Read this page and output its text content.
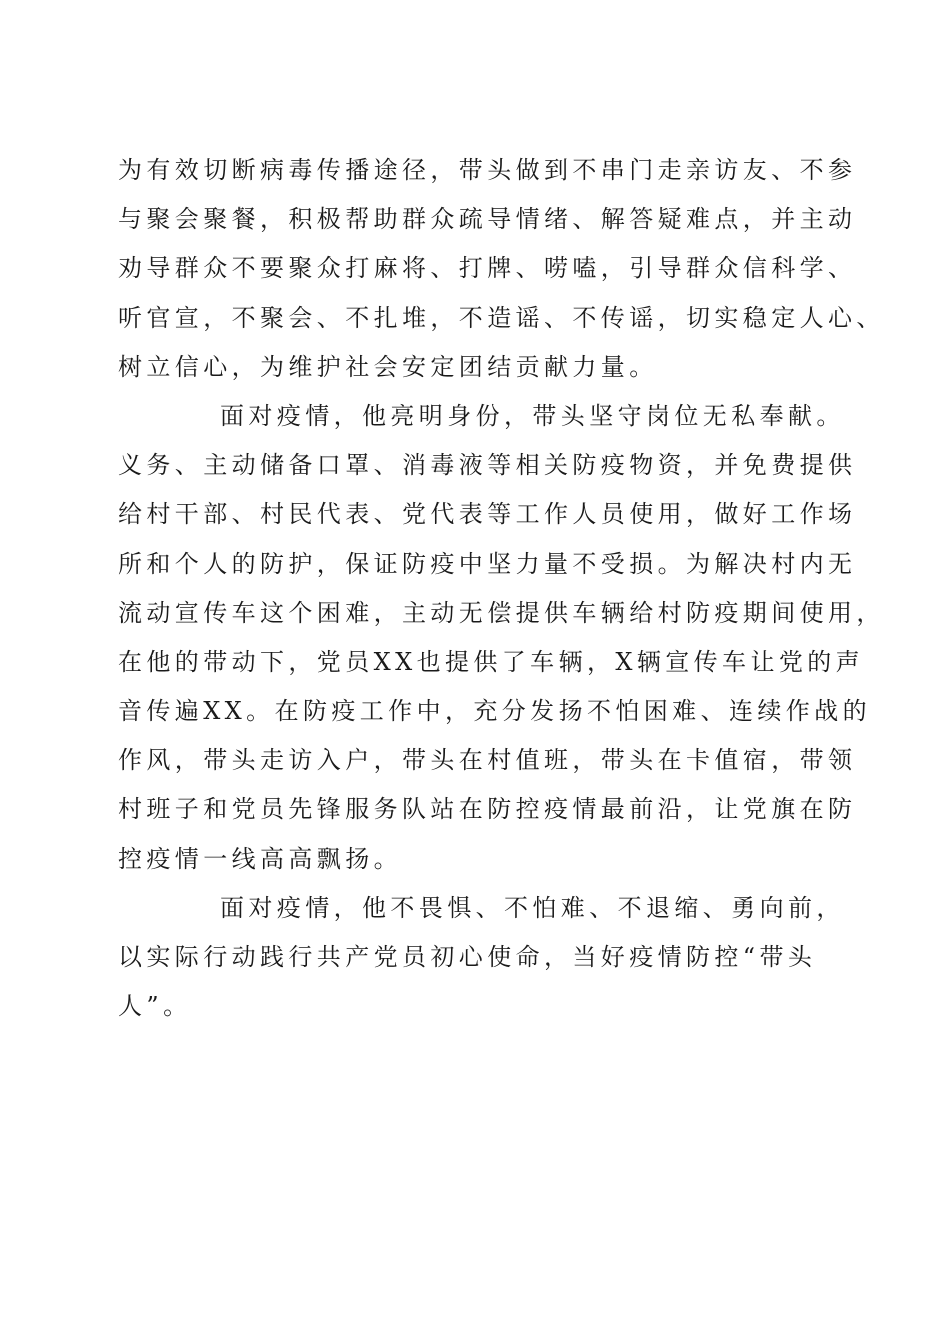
为有效切断病毒传播途径，带头做到不串门走亲访友、不参
与聚会聚餐，积极帮助群众疏导情绪、解答疑难点，并主动
劝导群众不要聚众打麻将、打牌、唠嗑，引导群众信科学、
听官宣，不聚会、不扎堆，不造谣、不传谣，切实稳定人心、
树立信心，为维护社会安定团结贡献力量。
面对疫情，他亮明身份，带头坚守岗位无私奉献。
义务、主动储备口罩、消毒液等相关防疫物资，并免费提供
给村干部、村民代表、党代表等工作人员使用，做好工作场
所和个人的防护，保证防疫中坚力量不受损。为解决村内无
流动宣传车这个困难，主动无偿提供车辆给村防疫期间使用，
在他的带动下，党员XX也提供了车辆，X辆宣传车让党的声
音传遍XX。在防疫工作中，充分发扬不怕困难、连续作战的
作风，带头走访入户，带头在村值班，带头在卡值宿，带领
村班子和党员先锋服务队站在防控疫情最前沿，让党旗在防
控疫情一线高高飘扬。
面对疫情，他不畏惧、不怕难、不退缩、勇向前，
以实际行动践行共产党员初心使命，当好疫情防控“带头
人”。
